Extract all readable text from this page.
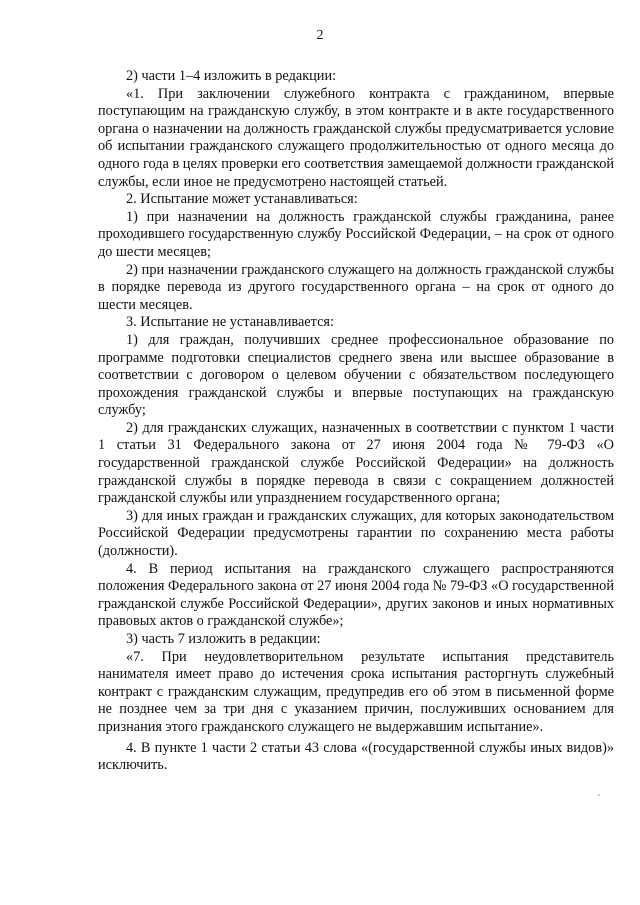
2

2) части 1–4 изложить в редакции:

«1. При заключении служебного контракта с гражданином, впервые поступающим на гражданскую службу, в этом контракте и в акте государственного органа о назначении на должность гражданской службы предусматривается условие об испытании гражданского служащего продолжительностью от одного месяца до одного года в целях проверки его соответствия замещаемой должности гражданской службы, если иное не предусмотрено настоящей статьей.

2. Испытание может устанавливаться:

1) при назначении на должность гражданской службы гражданина, ранее проходившего государственную службу Российской Федерации, – на срок от одного до шести месяцев;

2) при назначении гражданского служащего на должность гражданской службы в порядке перевода из другого государственного органа – на срок от одного до шести месяцев.

3. Испытание не устанавливается:

1) для граждан, получивших среднее профессиональное образование по программе подготовки специалистов среднего звена или высшее образование в соответствии с договором о целевом обучении с обязательством последующего прохождения гражданской службы и впервые поступающих на гражданскую службу;

2) для гражданских служащих, назначенных в соответствии с пунктом 1 части 1 статьи 31 Федерального закона от 27 июня 2004 года № 79-ФЗ «О государственной гражданской службе Российской Федерации» на должность гражданской службы в порядке перевода в связи с сокращением должностей гражданской службы или упразднением государственного органа;

3) для иных граждан и гражданских служащих, для которых законодательством Российской Федерации предусмотрены гарантии по сохранению места работы (должности).

4. В период испытания на гражданского служащего распространяются положения Федерального закона от 27 июня 2004 года № 79-ФЗ «О государственной гражданской службе Российской Федерации», других законов и иных нормативных правовых актов о гражданской службе»;

3) часть 7 изложить в редакции:

«7. При неудовлетворительном результате испытания представитель нанимателя имеет право до истечения срока испытания расторгнуть служебный контракт с гражданским служащим, предупредив его об этом в письменной форме не позднее чем за три дня с указанием причин, послуживших основанием для признания этого гражданского служащего не выдержавшим испытание».

4. В пункте 1 части 2 статьи 43 слова «(государственной службы иных видов)» исключить.
